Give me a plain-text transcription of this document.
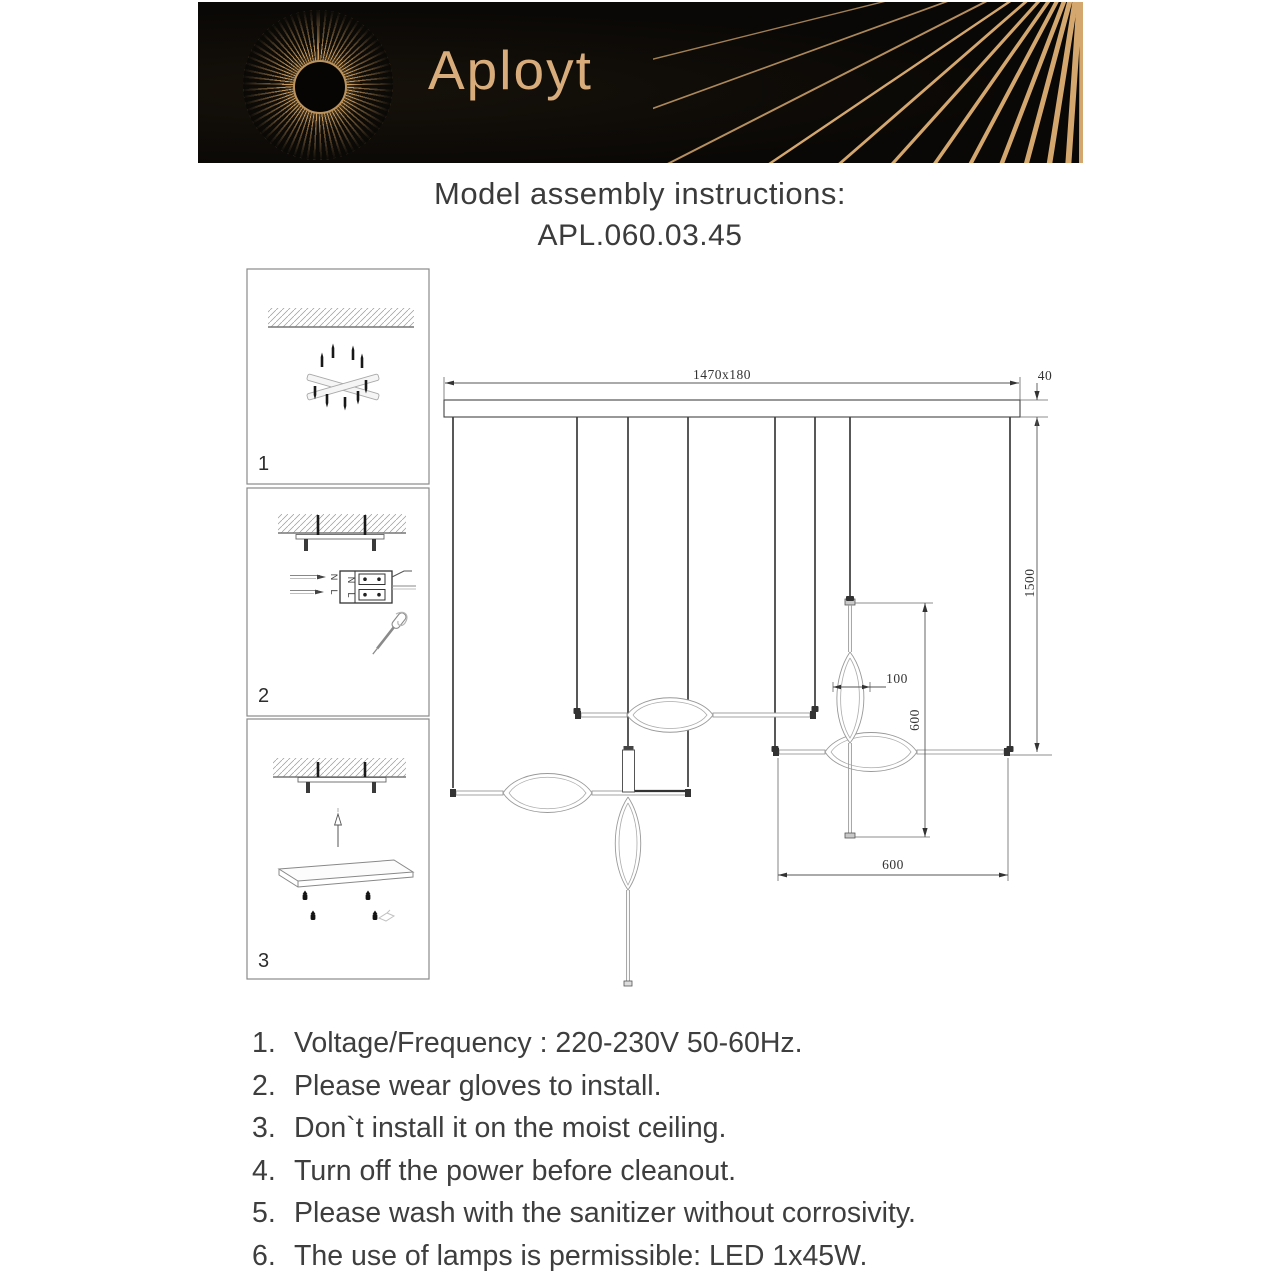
Aployt
Model assembly instructions:
APL.060.03.45
1
N
L
N
L
2
3
1470x180	40
1500
100
600
600
1. Voltage/Frequency : 220-230V 50-60Hz.
2. Please wear gloves to install.
3. Don`t install it on the moist ceiling.
4. Turn off the power before cleanout.
5. Please wash with the sanitizer without corrosivity.
6. The use of lamps is permissible: LED 1x45W.
